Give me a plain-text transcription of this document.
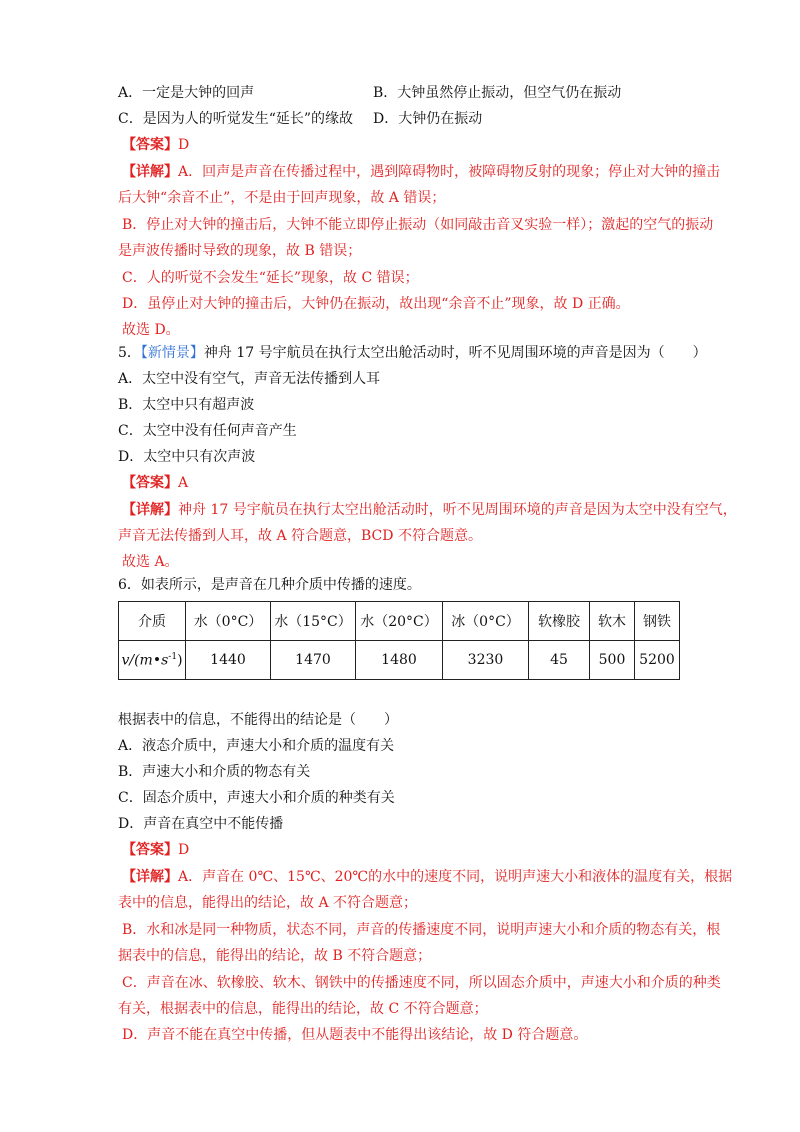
A．一定是大钟的回声	B．大钟虽然停止振动，但空气仍在振动
C．是因为人的听觉发生“延长”的缘故 D．大钟仍在振动
【答案】D
【详解】A．回声是声音在传播过程中，遇到障碍物时，被障碍物反射的现象；停止对大钟的撞击
后大钟“余音不止”，不是由于回声现象，故 A 错误；
B．停止对大钟的撞击后，大钟不能立即停止振动（如同敲击音叉实验一样）；激起的空气的振动
是声波传播时导致的现象，故 B 错误；
C．人的听觉不会发生“延长”现象，故 C 错误；
D．虽停止对大钟的撞击后，大钟仍在振动，故出现“余音不止”现象，故 D 正确。
故选 D。
5．【新情景】神舟 17 号宇航员在执行太空出舱活动时，听不见周围环境的声音是因为（　　）
A．太空中没有空气，声音无法传播到人耳
B．太空中只有超声波
C．太空中没有任何声音产生
D．太空中只有次声波
【答案】A
【详解】神舟 17 号宇航员在执行太空出舱活动时，听不见周围环境的声音是因为太空中没有空气，
声音无法传播到人耳，故 A 符合题意，BCD 不符合题意。
故选 A。
6．如表所示，是声音在几种介质中传播的速度。
介质	水（0°C）	水（15°C）	水（20°C）	冰（0°C）	软橡胶	软木	钢铁
$v/(m•s^{-1})$	1440	1470	1480	3230	45	500	5200
根据表中的信息，不能得出的结论是（　　）
A．液态介质中，声速大小和介质的温度有关
B．声速大小和介质的物态有关
C．固态介质中，声速大小和介质的种类有关
D．声音在真空中不能传播
【答案】D
【详解】A．声音在 0℃、15℃、20℃的水中的速度不同，说明声速大小和液体的温度有关，根据
表中的信息，能得出的结论，故 A 不符合题意；
B．水和冰是同一种物质，状态不同，声音的传播速度不同，说明声速大小和介质的物态有关，根
据表中的信息，能得出的结论，故 B 不符合题意；
C．声音在冰、软橡胶、软木、钢铁中的传播速度不同，所以固态介质中，声速大小和介质的种类
有关，根据表中的信息，能得出的结论，故 C 不符合题意；
D．声音不能在真空中传播，但从题表中不能得出该结论，故 D 符合题意。
